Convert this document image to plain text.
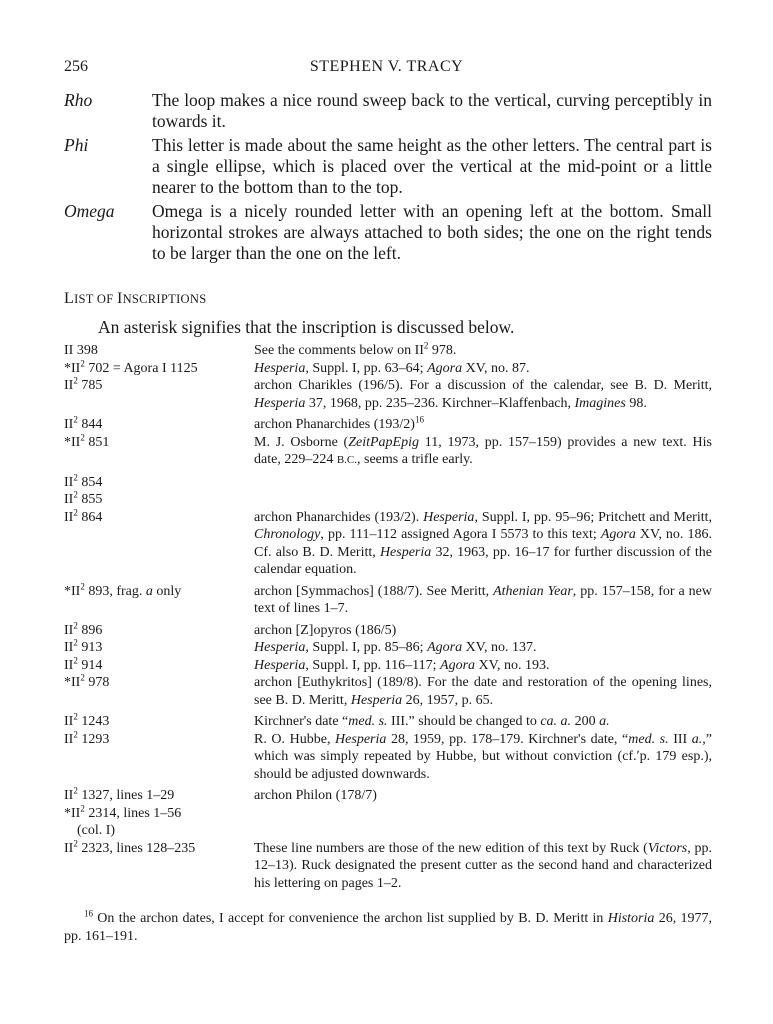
256	STEPHEN V. TRACY
Rho	The loop makes a nice round sweep back to the vertical, curving perceptibly in towards it.
Phi	This letter is made about the same height as the other letters. The central part is a single ellipse, which is placed over the vertical at the mid-point or a little nearer to the bottom than to the top.
Omega	Omega is a nicely rounded letter with an opening left at the bottom. Small horizontal strokes are always attached to both sides; the one on the right tends to be larger than the one on the left.
LIST OF INSCRIPTIONS
An asterisk signifies that the inscription is discussed below.
II 398	See the comments below on $II^2$ 978.
$*II^2$ 702 = Agora I 1125	Hesperia, Suppl. I, pp. 63–64; Agora XV, no. 87.
$II^2$ 785	archon Charikles (196/5). For a discussion of the calendar, see B. D. Meritt, Hesperia 37, 1968, pp. 235–236. Kirchner–Klaffenbach, Imagines 98.
$II^2$ 844	archon Phanarchides $(193/2)^{16}$
$*II^2$ 851	M. J. Osborne (ZeitPapEpig 11, 1973, pp. 157–159) provides a new text. His date, 229–224 B.C., seems a trifle early.
$II^2$ 854
$II^2$ 855
$II^2$ 864	archon Phanarchides (193/2). Hesperia, Suppl. I, pp. 95–96; Pritchett and Meritt, Chronology, pp. 111–112 assigned Agora I 5573 to this text; Agora XV, no. 186. Cf. also B. D. Meritt, Hesperia 32, 1963, pp. 16–17 for further discussion of the calendar equation.
$*II^2$ 893, frag. a only	archon [Symmachos] (188/7). See Meritt, Athenian Year, pp. 157–158, for a new text of lines 1–7.
$II^2$ 896	archon [Z]opyros (186/5)
$II^2$ 913	Hesperia, Suppl. I, pp. 85–86; Agora XV, no. 137.
$II^2$ 914	Hesperia, Suppl. I, pp. 116–117; Agora XV, no. 193.
$*II^2$ 978	archon [Euthykritos] (189/8). For the date and restoration of the opening lines, see B. D. Meritt, Hesperia 26, 1957, p. 65.
$II^2$ 1243	Kirchner's date “med. s. III.” should be changed to ca. a. 200 a.
$II^2$ 1293	R. O. Hubbe, Hesperia 28, 1959, pp. 178–179. Kirchner's date, “med. s. III a.,” which was simply repeated by Hubbe, but without conviction (cf.ʹp. 179 esp.), should be adjusted downwards.
$II^2$ 1327, lines 1–29	archon Philon (178/7)
$*II^2$ 2314, lines 1–56
(col. I)
$II^2$ 2323, lines 128–235	These line numbers are those of the new edition of this text by Ruck (Victors, pp. 12–13). Ruck designated the present cutter as the second hand and characterized his lettering on pages 1–2.
$^{16}$ On the archon dates, I accept for convenience the archon list supplied by B. D. Meritt in Historia 26, 1977, pp. 161–191.
